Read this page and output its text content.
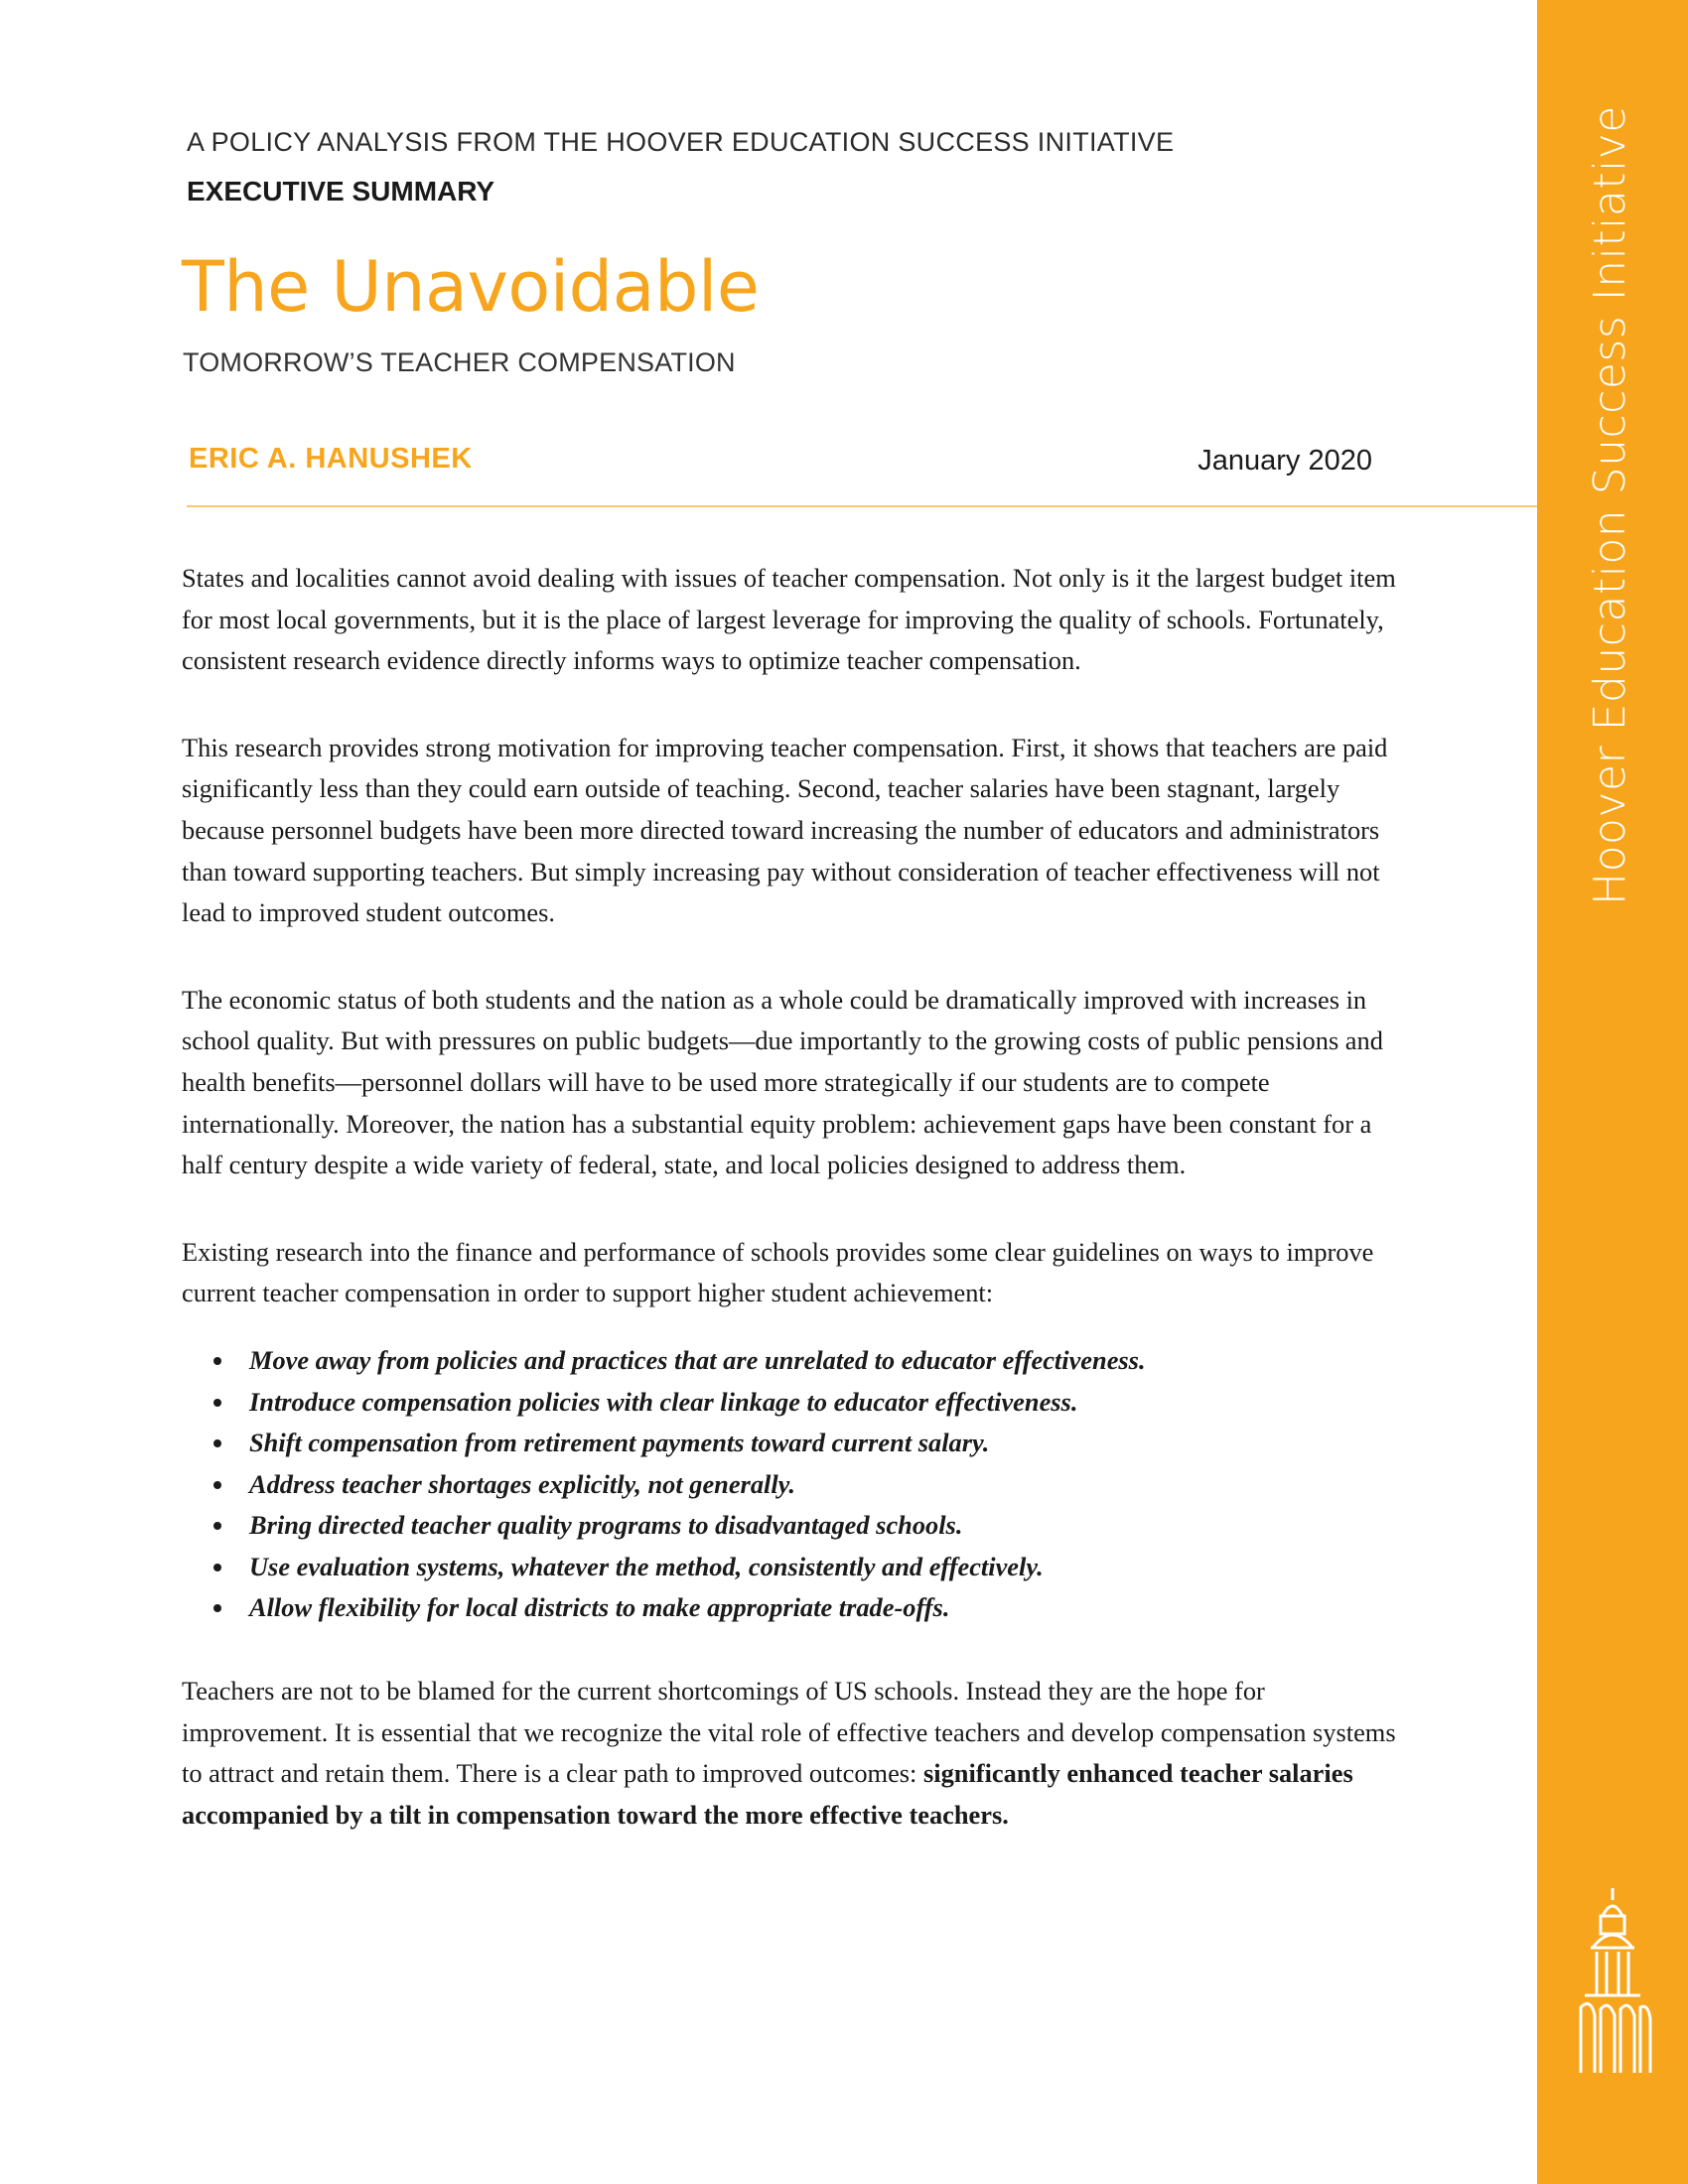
Hoover Education Success Initiative
A POLICY ANALYSIS FROM THE HOOVER EDUCATION SUCCESS INITIATIVE
EXECUTIVE SUMMARY
The Unavoidable
TOMORROW’S TEACHER COMPENSATION
ERIC A. HANUSHEK	January 2020

States and localities cannot avoid dealing with issues of teacher compensation. Not only is it the largest budget item for most local governments, but it is the place of largest leverage for improving the quality of schools. Fortunately, consistent research evidence directly informs ways to optimize teacher compensation.

This research provides strong motivation for improving teacher compensation. First, it shows that teachers are paid significantly less than they could earn outside of teaching. Second, teacher salaries have been stagnant, largely because personnel budgets have been more directed toward increasing the number of educators and administrators than toward supporting teachers. But simply increasing pay without consideration of teacher effectiveness will not lead to improved student outcomes.

The economic status of both students and the nation as a whole could be dramatically improved with increases in school quality. But with pressures on public budgets—due importantly to the growing costs of public pensions and health benefits—personnel dollars will have to be used more strategically if our students are to compete internationally. Moreover, the nation has a substantial equity problem: achievement gaps have been constant for a half century despite a wide variety of federal, state, and local policies designed to address them.

Existing research into the finance and performance of schools provides some clear guidelines on ways to improve current teacher compensation in order to support higher student achievement:

Move away from policies and practices that are unrelated to educator effectiveness.
Introduce compensation policies with clear linkage to educator effectiveness.
Shift compensation from retirement payments toward current salary.
Address teacher shortages explicitly, not generally.
Bring directed teacher quality programs to disadvantaged schools.
Use evaluation systems, whatever the method, consistently and effectively.
Allow flexibility for local districts to make appropriate trade-offs.

Teachers are not to be blamed for the current shortcomings of US schools. Instead they are the hope for improvement. It is essential that we recognize the vital role of effective teachers and develop compensation systems to attract and retain them. There is a clear path to improved outcomes: significantly enhanced teacher salaries accompanied by a tilt in compensation toward the more effective teachers.
